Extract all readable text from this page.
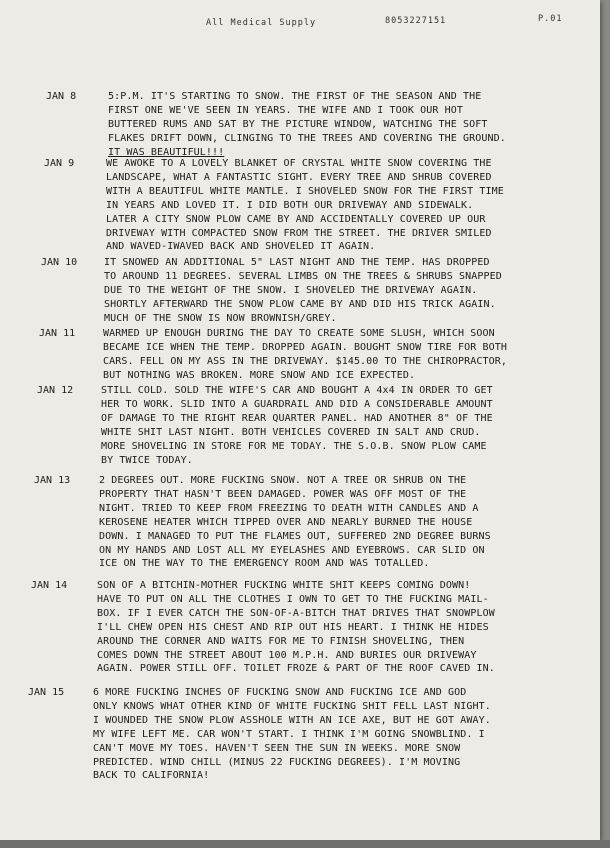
All Medical Supply	8053227151	P.01
JAN 8	5:P.M. IT'S STARTING TO SNOW. THE FIRST OF THE SEASON AND THE
FIRST ONE WE'VE SEEN IN YEARS. THE WIFE AND I TOOK OUR HOT
BUTTERED RUMS AND SAT BY THE PICTURE WINDOW, WATCHING THE SOFT
FLAKES DRIFT DOWN, CLINGING TO THE TREES AND COVERING THE GROUND.
IT WAS BEAUTIFUL!!!
JAN 9	WE AWOKE TO A LOVELY BLANKET OF CRYSTAL WHITE SNOW COVERING THE
LANDSCAPE, WHAT A FANTASTIC SIGHT. EVERY TREE AND SHRUB COVERED
WITH A BEAUTIFUL WHITE MANTLE. I SHOVELED SNOW FOR THE FIRST TIME
IN YEARS AND LOVED IT. I DID BOTH OUR DRIVEWAY AND SIDEWALK.
LATER A CITY SNOW PLOW CAME BY AND ACCIDENTALLY COVERED UP OUR
DRIVEWAY WITH COMPACTED SNOW FROM THE STREET. THE DRIVER SMILED
AND WAVED-IWAVED BACK AND SHOVELED IT AGAIN.
JAN 10	IT SNOWED AN ADDITIONAL 5" LAST NIGHT AND THE TEMP. HAS DROPPED
TO AROUND 11 DEGREES. SEVERAL LIMBS ON THE TREES & SHRUBS SNAPPED
DUE TO THE WEIGHT OF THE SNOW. I SHOVELED THE DRIVEWAY AGAIN.
SHORTLY AFTERWARD THE SNOW PLOW CAME BY AND DID HIS TRICK AGAIN.
MUCH OF THE SNOW IS NOW BROWNISH/GREY.
JAN 11	WARMED UP ENOUGH DURING THE DAY TO CREATE SOME SLUSH, WHICH SOON
BECAME ICE WHEN THE TEMP. DROPPED AGAIN. BOUGHT SNOW TIRE FOR BOTH
CARS. FELL ON MY ASS IN THE DRIVEWAY. $145.00 TO THE CHIROPRACTOR,
BUT NOTHING WAS BROKEN. MORE SNOW AND ICE EXPECTED.
JAN 12	STILL COLD. SOLD THE WIFE'S CAR AND BOUGHT A 4x4 IN ORDER TO GET
HER TO WORK. SLID INTO A GUARDRAIL AND DID A CONSIDERABLE AMOUNT
OF DAMAGE TO THE RIGHT REAR QUARTER PANEL. HAD ANOTHER 8" OF THE
WHITE SHIT LAST NIGHT. BOTH VEHICLES COVERED IN SALT AND CRUD.
MORE SHOVELING IN STORE FOR ME TODAY. THE S.O.B. SNOW PLOW CAME
BY TWICE TODAY.
JAN 13	2 DEGREES OUT. MORE FUCKING SNOW. NOT A TREE OR SHRUB ON THE
PROPERTY THAT HASN'T BEEN DAMAGED. POWER WAS OFF MOST OF THE
NIGHT. TRIED TO KEEP FROM FREEZING TO DEATH WITH CANDLES AND A
KEROSENE HEATER WHICH TIPPED OVER AND NEARLY BURNED THE HOUSE
DOWN. I MANAGED TO PUT THE FLAMES OUT, SUFFERED 2ND DEGREE BURNS
ON MY HANDS AND LOST ALL MY EYELASHES AND EYEBROWS. CAR SLID ON
ICE ON THE WAY TO THE EMERGENCY ROOM AND WAS TOTALLED.
JAN 14	SON OF A BITCHIN-MOTHER FUCKING WHITE SHIT KEEPS COMING DOWN!
HAVE TO PUT ON ALL THE CLOTHES I OWN TO GET TO THE FUCKING MAIL-
BOX. IF I EVER CATCH THE SON-OF-A-BITCH THAT DRIVES THAT SNOWPLOW
I'LL CHEW OPEN HIS CHEST AND RIP OUT HIS HEART. I THINK HE HIDES
AROUND THE CORNER AND WAITS FOR ME TO FINISH SHOVELING, THEN
COMES DOWN THE STREET ABOUT 100 M.P.H. AND BURIES OUR DRIVEWAY
AGAIN. POWER STILL OFF. TOILET FROZE & PART OF THE ROOF CAVED IN.
JAN 15	6 MORE FUCKING INCHES OF FUCKING SNOW AND FUCKING ICE AND GOD
ONLY KNOWS WHAT OTHER KIND OF WHITE FUCKING SHIT FELL LAST NIGHT.
I WOUNDED THE SNOW PLOW ASSHOLE WITH AN ICE AXE, BUT HE GOT AWAY.
MY WIFE LEFT ME. CAR WON'T START. I THINK I'M GOING SNOWBLIND. I
CAN'T MOVE MY TOES. HAVEN'T SEEN THE SUN IN WEEKS. MORE SNOW
PREDICTED. WIND CHILL (MINUS 22 FUCKING DEGREES). I'M MOVING
BACK TO CALIFORNIA!
